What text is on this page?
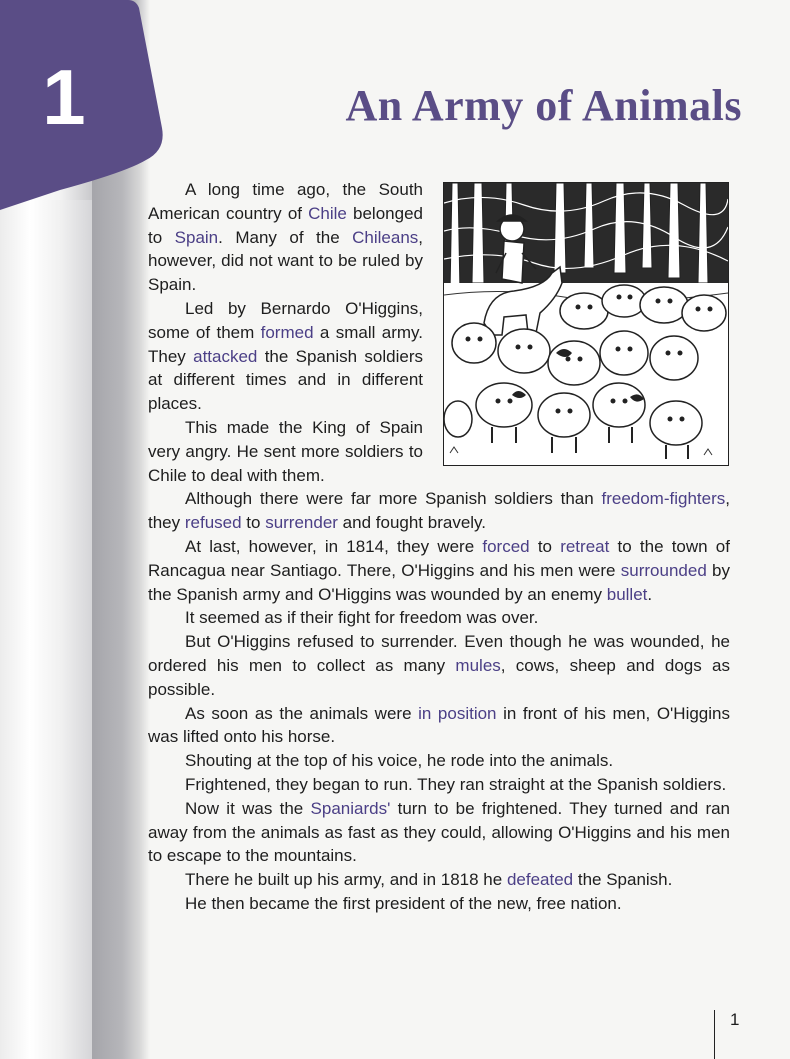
1	An Army of Animals

A long time ago, the South American country of Chile belonged to Spain. Many of the Chileans, however, did not want to be ruled by Spain.

Led by Bernardo O'Higgins, some of them formed a small army. They attacked the Spanish soldiers at different times and in different places.

This made the King of Spain very angry. He sent more soldiers to Chile to deal with them.

Although there were far more Spanish soldiers than freedom-fighters, they refused to surrender and fought bravely.

At last, however, in 1814, they were forced to retreat to the town of Rancagua near Santiago. There, O'Higgins and his men were surrounded by the Spanish army and O'Higgins was wounded by an enemy bullet.

It seemed as if their fight for freedom was over.

But O'Higgins refused to surrender. Even though he was wounded, he ordered his men to collect as many mules, cows, sheep and dogs as possible.

As soon as the animals were in position in front of his men, O'Higgins was lifted onto his horse.

Shouting at the top of his voice, he rode into the animals.

Frightened, they began to run. They ran straight at the Spanish soldiers.

Now it was the Spaniards' turn to be frightened. They turned and ran away from the animals as fast as they could, allowing O'Higgins and his men to escape to the mountains.

There he built up his army, and in 1818 he defeated the Spanish.

He then became the first president of the new, free nation.

1
